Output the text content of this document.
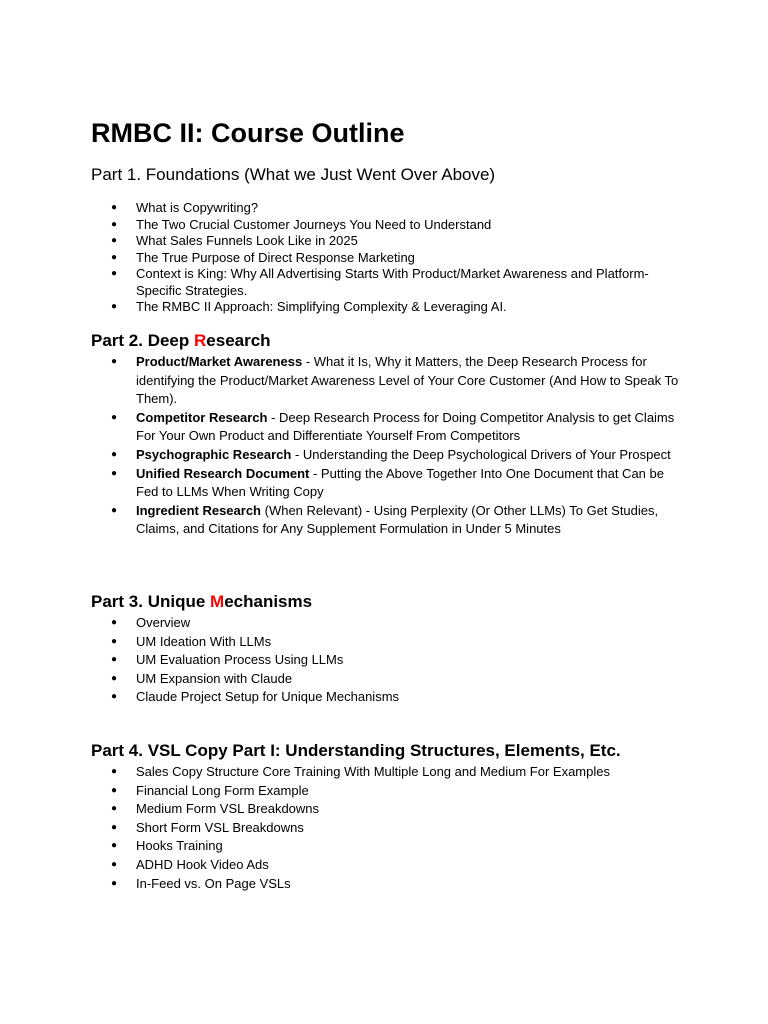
RMBC II: Course Outline
Part 1. Foundations (What we Just Went Over Above)
● What is Copywriting?
● The Two Crucial Customer Journeys You Need to Understand
● What Sales Funnels Look Like in 2025
● The True Purpose of Direct Response Marketing
● Context is King: Why All Advertising Starts With Product/Market Awareness and Platform-Specific Strategies.
● The RMBC II Approach: Simplifying Complexity & Leveraging AI.
Part 2. Deep Research
● Product/Market Awareness - What it Is, Why it Matters, the Deep Research Process for identifying the Product/Market Awareness Level of Your Core Customer (And How to Speak To Them).
● Competitor Research - Deep Research Process for Doing Competitor Analysis to get Claims For Your Own Product and Differentiate Yourself From Competitors
● Psychographic Research - Understanding the Deep Psychological Drivers of Your Prospect
● Unified Research Document - Putting the Above Together Into One Document that Can be Fed to LLMs When Writing Copy
● Ingredient Research (When Relevant) - Using Perplexity (Or Other LLMs) To Get Studies, Claims, and Citations for Any Supplement Formulation in Under 5 Minutes
Part 3. Unique Mechanisms
● Overview
● UM Ideation With LLMs
● UM Evaluation Process Using LLMs
● UM Expansion with Claude
● Claude Project Setup for Unique Mechanisms
Part 4. VSL Copy Part I: Understanding Structures, Elements, Etc.
● Sales Copy Structure Core Training With Multiple Long and Medium For Examples
● Financial Long Form Example
● Medium Form VSL Breakdowns
● Short Form VSL Breakdowns
● Hooks Training
● ADHD Hook Video Ads
● In-Feed vs. On Page VSLs
